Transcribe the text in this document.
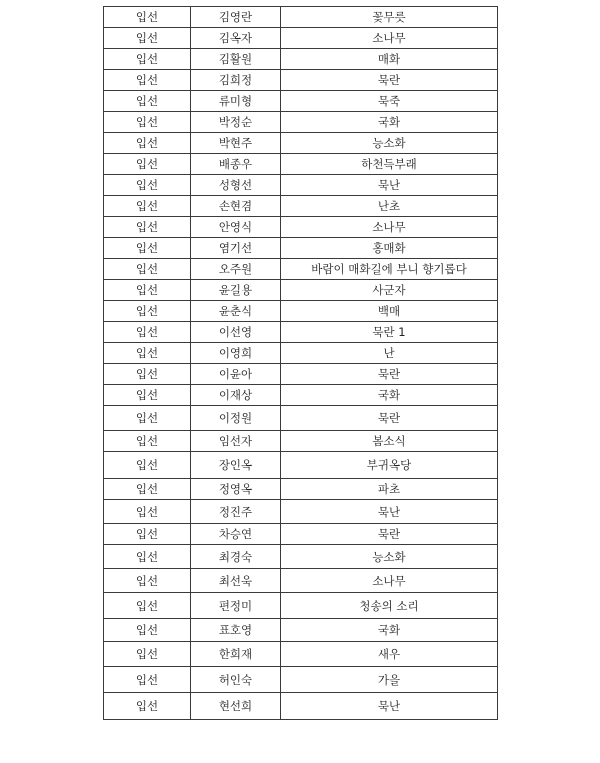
입선	김영란	꽃무릇
입선	김옥자	소나무
입선	김활원	매화
입선	김희정	묵란
입선	류미형	묵죽
입선	박정순	국화
입선	박현주	능소화
입선	배종우	하천득부래
입선	성형선	묵난
입선	손현겸	난초
입선	안영식	소나무
입선	염기선	홍매화
입선	오주원	바람이 매화길에 부니 향기롭다
입선	윤길용	사군자
입선	윤춘식	백매
입선	이선영	묵란 1
입선	이영희	난
입선	이윤아	묵란
입선	이재상	국화
입선	이정원	묵란
입선	임선자	봄소식
입선	장인옥	부귀옥당
입선	정영옥	파초
입선	정진주	묵난
입선	차승연	묵란
입선	최경숙	능소화
입선	최선욱	소나무
입선	편정미	청송의 소리
입선	표호영	국화
입선	한희재	새우
입선	허인숙	가을
입선	현선희	묵난
